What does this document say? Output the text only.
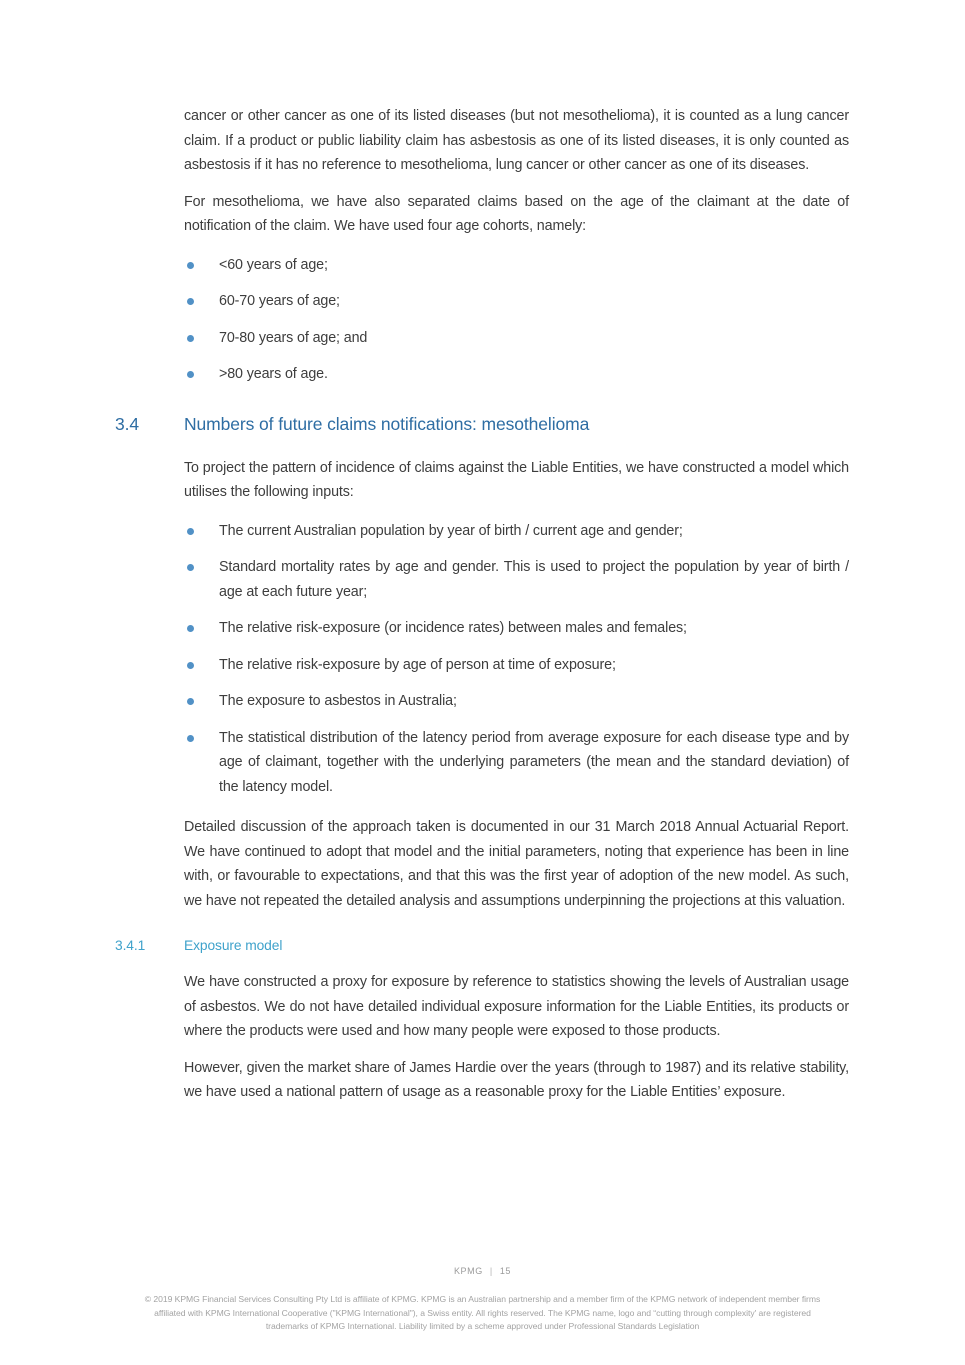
cancer or other cancer as one of its listed diseases (but not mesothelioma), it is counted as a lung cancer claim. If a product or public liability claim has asbestosis as one of its listed diseases, it is only counted as asbestosis if it has no reference to mesothelioma, lung cancer or other cancer as one of its diseases.

For mesothelioma, we have also separated claims based on the age of the claimant at the date of notification of the claim. We have used four age cohorts, namely:

<60 years of age;
60-70 years of age;
70-80 years of age; and
>80 years of age.
3.4	Numbers of future claims notifications: mesothelioma

To project the pattern of incidence of claims against the Liable Entities, we have constructed a model which utilises the following inputs:

The current Australian population by year of birth / current age and gender;
Standard mortality rates by age and gender. This is used to project the population by year of birth / age at each future year;
The relative risk-exposure (or incidence rates) between males and females;
The relative risk-exposure by age of person at time of exposure;
The exposure to asbestos in Australia;
The statistical distribution of the latency period from average exposure for each disease type and by age of claimant, together with the underlying parameters (the mean and the standard deviation) of the latency model.

Detailed discussion of the approach taken is documented in our 31 March 2018 Annual Actuarial Report. We have continued to adopt that model and the initial parameters, noting that experience has been in line with, or favourable to expectations, and that this was the first year of adoption of the new model. As such, we have not repeated the detailed analysis and assumptions underpinning the projections at this valuation.

3.4.1	Exposure model

We have constructed a proxy for exposure by reference to statistics showing the levels of Australian usage of asbestos. We do not have detailed individual exposure information for the Liable Entities, its products or where the products were used and how many people were exposed to those products.

However, given the market share of James Hardie over the years (through to 1987) and its relative stability, we have used a national pattern of usage as a reasonable proxy for the Liable Entities’ exposure.

KPMG | 15
© 2019 KPMG Financial Services Consulting Pty Ltd is affiliate of KPMG. KPMG is an Australian partnership and a member firm of the KPMG network of independent member firms
affiliated with KPMG International Cooperative ("KPMG International"), a Swiss entity. All rights reserved. The KPMG name, logo and “cutting through complexity' are registered
trademarks of KPMG International. Liability limited by a scheme approved under Professional Standards Legislation
